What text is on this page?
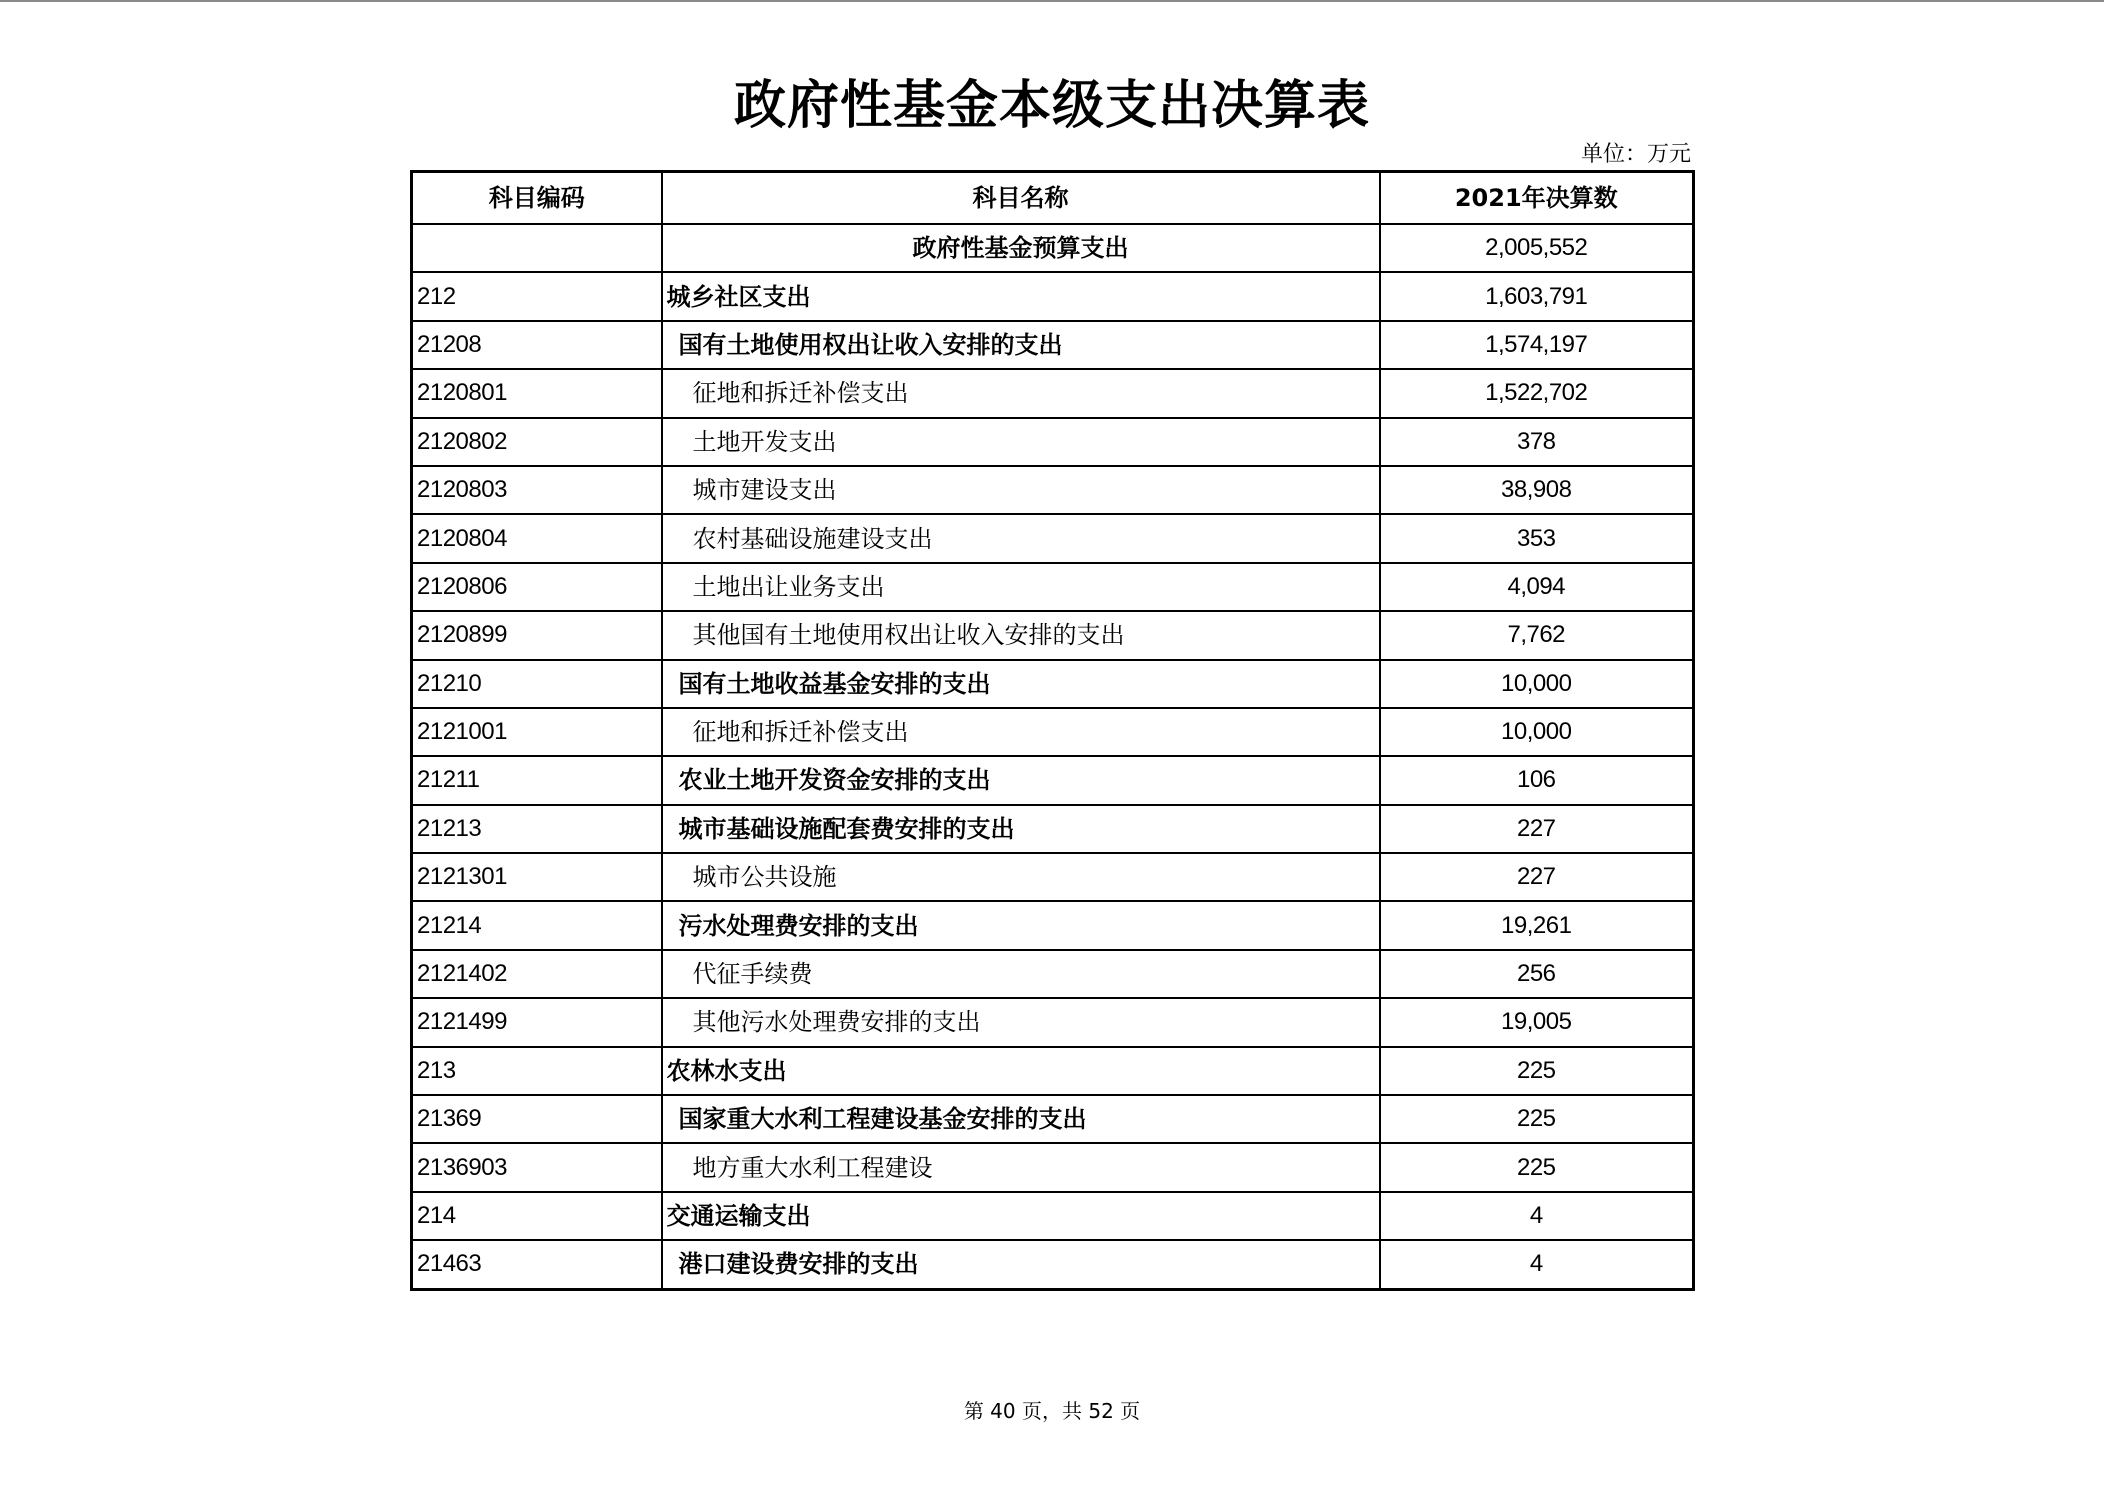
政府性基金本级支出决算表
单位：万元
科目编码	科目名称	2021年决算数
	政府性基金预算支出	2,005,552
212	城乡社区支出	1,603,791
21208	国有土地使用权出让收入安排的支出	1,574,197
2120801	征地和拆迁补偿支出	1,522,702
2120802	土地开发支出	378
2120803	城市建设支出	38,908
2120804	农村基础设施建设支出	353
2120806	土地出让业务支出	4,094
2120899	其他国有土地使用权出让收入安排的支出	7,762
21210	国有土地收益基金安排的支出	10,000
2121001	征地和拆迁补偿支出	10,000
21211	农业土地开发资金安排的支出	106
21213	城市基础设施配套费安排的支出	227
2121301	城市公共设施	227
21214	污水处理费安排的支出	19,261
2121402	代征手续费	256
2121499	其他污水处理费安排的支出	19,005
213	农林水支出	225
21369	国家重大水利工程建设基金安排的支出	225
2136903	地方重大水利工程建设	225
214	交通运输支出	4
21463	港口建设费安排的支出	4
第 40 页，共 52 页
